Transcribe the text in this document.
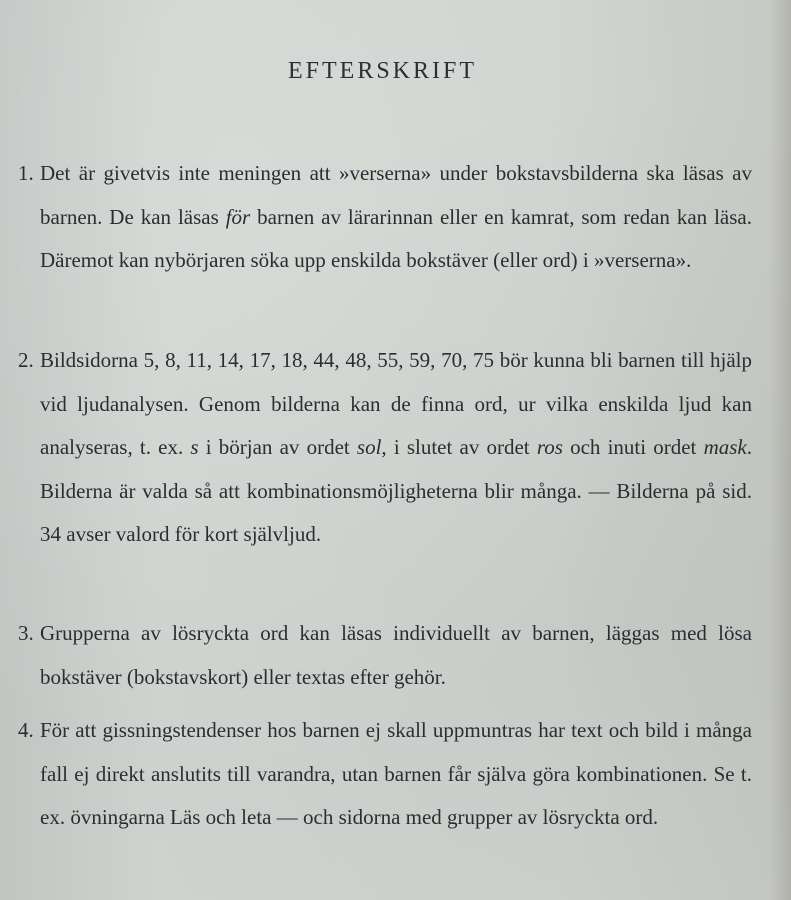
EFTERSKRIFT
1. Det är givetvis inte meningen att »verserna» under bokstavsbilderna ska läsas av barnen. De kan läsas för barnen av lärarinnan eller en kamrat, som redan kan läsa. Däremot kan nybörjaren söka upp enskilda bokstäver (eller ord) i »verserna».

2. Bildsidorna 5, 8, 11, 14, 17, 18, 44, 48, 55, 59, 70, 75 bör kunna bli barnen till hjälp vid ljudanalysen. Genom bilderna kan de finna ord, ur vilka enskilda ljud kan analyseras, t. ex. s i början av ordet sol, i slutet av ordet ros och inuti ordet mask. Bilderna är valda så att kombinationsmöjligheterna blir många. — Bilderna på sid. 34 avser valord för kort självljud.

3. Grupperna av lösryckta ord kan läsas individuellt av barnen, läggas med lösa bokstäver (bokstavskort) eller textas efter gehör.

4. För att gissningstendenser hos barnen ej skall uppmuntras har text och bild i många fall ej direkt anslutits till varandra, utan barnen får själva göra kombinationen. Se t. ex. övningarna Läs och leta — och sidorna med grupper av lösryckta ord.
